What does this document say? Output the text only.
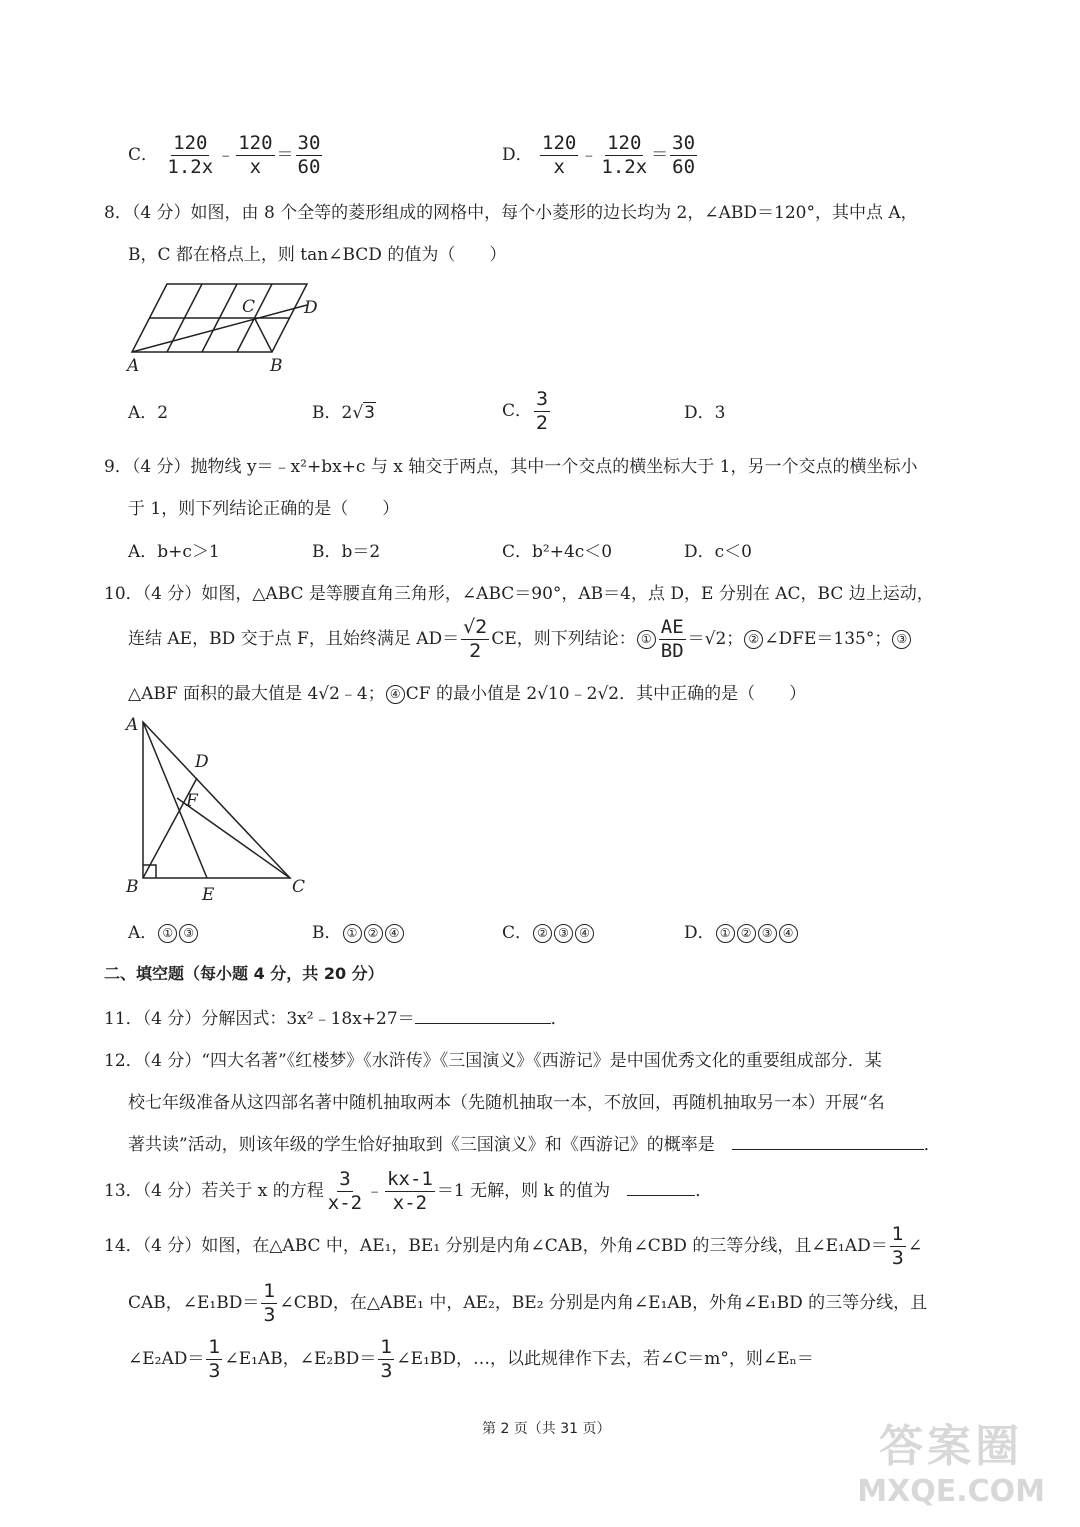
C． $\frac{120}{1.2x}$ ﹣ $\frac{120}{x} = \frac{30}{60}$	D． $\frac{120}{x}$ ﹣ $\frac{120}{1.2x} = \frac{30}{60}$
8．（4 分）如图，由 8 个全等的菱形组成的网格中，每个小菱形的边长均为 2，∠ABD＝120°，其中点 A，
B，C 都在格点上，则 tan∠BCD 的值为（　　）
A	B
C	D
A．2	B．2√3	C． $\frac{3}{2}$	D．3
9．（4 分）抛物线 y＝﹣x²+bx+c 与 x 轴交于两点，其中一个交点的横坐标大于 1，另一个交点的横坐标小
于 1，则下列结论正确的是（　　）
A．b+c＞1	B．b＝2	C．b²+4c＜0	D．c＜0
10．（4 分）如图，△ABC 是等腰直角三角形，∠ABC＝90°，AB＝4，点 D，E 分别在 AC，BC 边上运动，
连结 AE，BD 交于点 F，且始终满足 $AD= \frac{√2}{2}$ CE，则下列结论： ① $\frac{AE}{BD} =√2$； ② ∠DFE＝135°； ③
△ABF 面积的最大值是 4√2﹣4； ④ CF 的最小值是 2√10﹣2√2．其中正确的是（　　）
A
B	C
D
E
F
A． ① ③	B． ① ② ④	C． ② ③ ④	D． ① ② ③ ④
二、填空题（每小题 4 分，共 20 分）
11．（4 分）分解因式：3x²﹣18x+27＝	．
12．（4 分）“四大名著”《红楼梦》《水浒传》《三国演义》《西游记》是中国优秀文化的重要组成部分．某
校七年级准备从这四部名著中随机抽取两本（先随机抽取一本，不放回，再随机抽取另一本）开展“名
著共读”活动，则该年级的学生恰好抽取到《三国演义》和《西游记》的概率是　	．
13．（4 分）若关于 x 的方程 $\frac{3}{x-2}$ ﹣ $\frac{kx-1}{x-2} =1$ 无解，则 k 的值为　	．
14．（4 分）如图，在△ABC 中，AE₁，BE₁ 分别是内角∠CAB，外角∠CBD 的三等分线，且∠E₁AD＝ $\frac{1}{3}$ ∠
CAB，∠E₁BD＝ $\frac{1}{3}$ ∠CBD，在△ABE₁ 中，AE₂，BE₂ 分别是内角∠E₁AB，外角∠E₁BD 的三等分线，且
∠E₂AD＝ $\frac{1}{3}$ ∠E₁AB，∠E₂BD＝ $\frac{1}{3}$ ∠E₁BD，…，以此规律作下去，若∠C＝m°，则∠Eₙ＝
第 2 页（共 31 页）	答案圈
MXQE.COM
